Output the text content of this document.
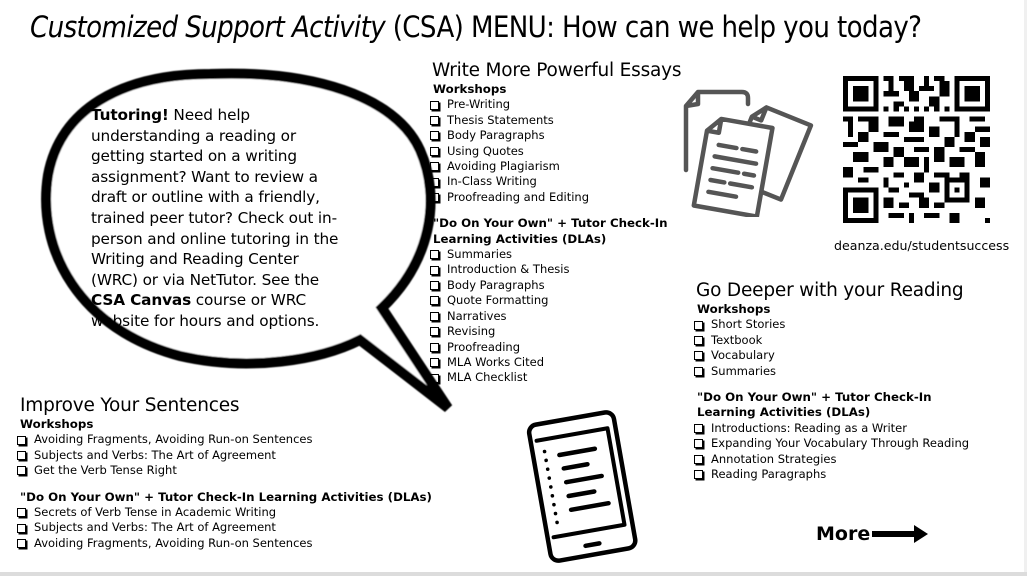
Customized Support Activity (CSA) MENU: How can we help you today?
Tutoring! Need help understanding a reading or getting started on a writing assignment? Want to review a draft or outline with a friendly, trained peer tutor? Check out in-person and online tutoring in the Writing and Reading Center (WRC) or via NetTutor. See the CSA Canvas course or WRC website for hours and options.
Write More Powerful Essays
Workshops
Pre-Writing
Thesis Statements
Body Paragraphs
Using Quotes
Avoiding Plagiarism
In-Class Writing
Proofreading and Editing
"Do On Your Own" + Tutor Check-In
Learning Activities (DLAs)
Summaries
Introduction & Thesis
Body Paragraphs
Quote Formatting
Narratives
Revising
Proofreading
MLA Works Cited
MLA Checklist
Improve Your Sentences
Workshops
Avoiding Fragments, Avoiding Run-on Sentences
Subjects and Verbs: The Art of Agreement
Get the Verb Tense Right
"Do On Your Own" + Tutor Check-In Learning Activities (DLAs)
Secrets of Verb Tense in Academic Writing
Subjects and Verbs: The Art of Agreement
Avoiding Fragments, Avoiding Run-on Sentences
Go Deeper with your Reading
Workshops
Short Stories
Textbook
Vocabulary
Summaries
"Do On Your Own" + Tutor Check-In
Learning Activities (DLAs)
Introductions: Reading as a Writer
Expanding Your Vocabulary Through Reading
Annotation Strategies
Reading Paragraphs
deanza.edu/studentsuccess
More
